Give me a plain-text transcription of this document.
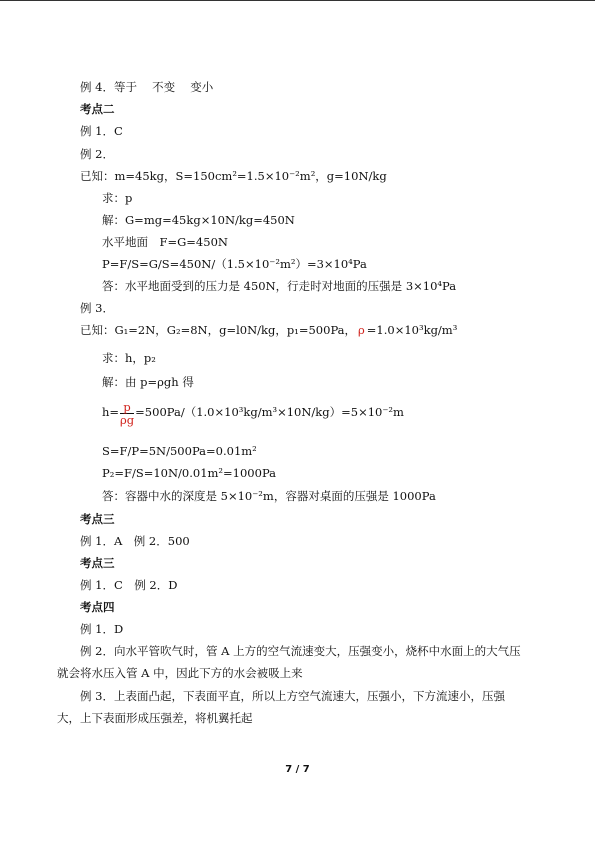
例 4．等于　 不变　 变小
考点二
例 1．C
例 2．
已知：m=45kg，S=150cm²=1.5×10⁻²m²，g=10N/kg
求：p
解：G=mg=45kg×10N/kg=450N
水平地面　F=G=450N
P=F/S=G/S=450N/（1.5×10⁻²m²）=3×10⁴Pa
答：水平地面受到的压力是 450N，行走时对地面的压强是 3×10⁴Pa
例 3．
已知：G₁=2N，G₂=8N，g=l0N/kg，p₁=500Pa， ρ =1.0×10³kg/m³
求：h，p₂
解：由 p=ρgh 得
$h= \frac{p}{\rho g} =500Pa/(1.0\times 10^3kg/m^3\times 10N/kg)=5\times 10^{-2}m$
S=F/P=5N/500Pa=0.01m²
P₂=F/S=10N/0.01m²=1000Pa
答：容器中水的深度是 5×10⁻²m，容器对桌面的压强是 1000Pa
考点三
例 1．A　例 2．500
考点三
例 1．C　例 2．D
考点四
例 1．D
例 2．向水平管吹气时，管 A 上方的空气流速变大，压强变小，烧杯中水面上的大气压
就会将水压入管 A 中，因此下方的水会被吸上来
例 3．上表面凸起，下表面平直，所以上方空气流速大，压强小，下方流速小，压强
大，上下表面形成压强差，将机翼托起
7 / 7
